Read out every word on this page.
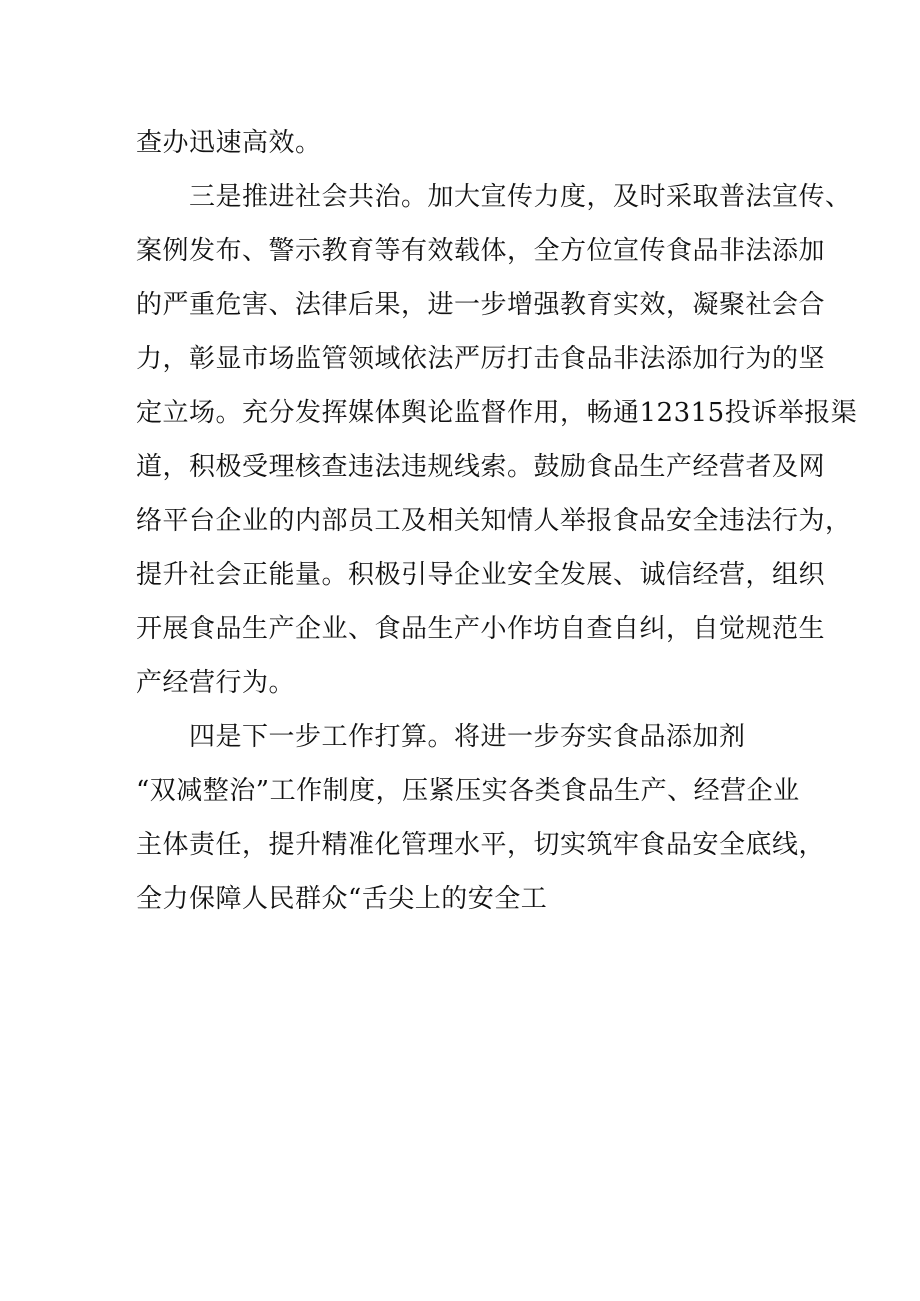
查办迅速高效。
三是推进社会共治。加大宣传力度，及时采取普法宣传、
案例发布、警示教育等有效载体，全方位宣传食品非法添加
的严重危害、法律后果，进一步增强教育实效，凝聚社会合
力，彰显市场监管领域依法严厉打击食品非法添加行为的坚
定立场。充分发挥媒体舆论监督作用，畅通12315投诉举报渠
道，积极受理核查违法违规线索。鼓励食品生产经营者及网
络平台企业的内部员工及相关知情人举报食品安全违法行为，
提升社会正能量。积极引导企业安全发展、诚信经营，组织
开展食品生产企业、食品生产小作坊自查自纠，自觉规范生
产经营行为。
四是下一步工作打算。将进一步夯实食品添加剂
“双减整治”工作制度，压紧压实各类食品生产、经营企业
主体责任，提升精准化管理水平，切实筑牢食品安全底线，
全力保障人民群众“舌尖上的安全工
